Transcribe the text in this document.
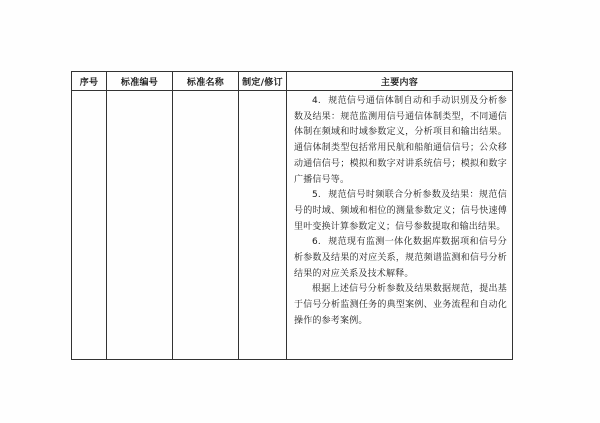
序号	标准编号	标准名称	制定/修订	主要内容

				4. 规范信号通信体制自动和手动识别及分析参数及结果：规范监测用信号通信体制类型，不同通信体制在频域和时域参数定义，分析项目和输出结果。通信体制类型包括常用民航和船舶通信信号；公众移动通信信号；模拟和数字对讲系统信号；模拟和数字广播信号等。

5. 规范信号时频联合分析参数及结果：规范信号的时域、频域和相位的测量参数定义；信号快速傅里叶变换计算参数定义；信号参数提取和输出结果。

6. 规范现有监测一体化数据库数据项和信号分析参数及结果的对应关系，规范频谱监测和信号分析结果的对应关系及技术解释。

根据上述信号分析参数及结果数据规范，提出基于信号分析监测任务的典型案例、业务流程和自动化操作的参考案例。
